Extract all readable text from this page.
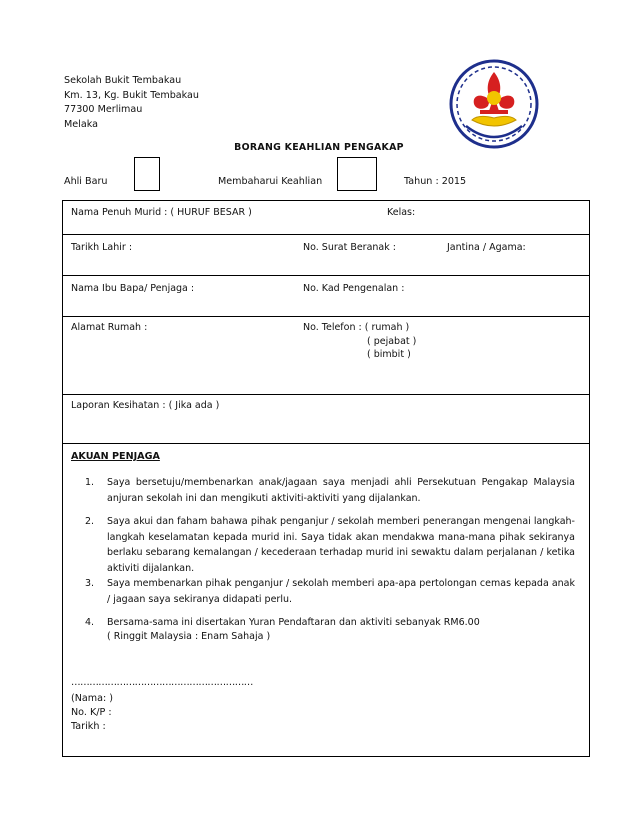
Sekolah Bukit Tembakau
Km. 13, Kg. Bukit Tembakau
77300 Merlimau
Melaka
BORANG KEAHLIAN PENGAKAP
Ahli Baru	Membaharui Keahlian	Tahun : 2015
Nama Penuh Murid : ( HURUF BESAR )	Kelas:
Tarikh Lahir :	No. Surat Beranak :	Jantina / Agama:
Nama Ibu Bapa/ Penjaga :	No. Kad Pengenalan :
Alamat Rumah :	No. Telefon : ( rumah )
( pejabat )
( bimbit )
Laporan Kesihatan : ( Jika ada )
AKUAN PENJAGA
1. Saya bersetuju/membenarkan anak/jagaan saya menjadi ahli Persekutuan Pengakap Malaysia anjuran sekolah ini dan mengikuti aktiviti-aktiviti yang dijalankan.
2. Saya akui dan faham bahawa pihak penganjur / sekolah memberi penerangan mengenai langkah-langkah keselamatan kepada murid ini. Saya tidak akan mendakwa mana-mana pihak sekiranya berlaku sebarang kemalangan / kecederaan terhadap murid ini sewaktu dalam perjalanan / ketika aktiviti dijalankan.
3. Saya membenarkan pihak penganjur / sekolah memberi apa-apa pertolongan cemas kepada anak / jagaan saya sekiranya didapati perlu.
4. Bersama-sama ini disertakan Yuran Pendaftaran dan aktiviti sebanyak RM6.00
( Ringgit Malaysia : Enam Sahaja )
……………………………………………………
(Nama: )
No. K/P :
Tarikh :
